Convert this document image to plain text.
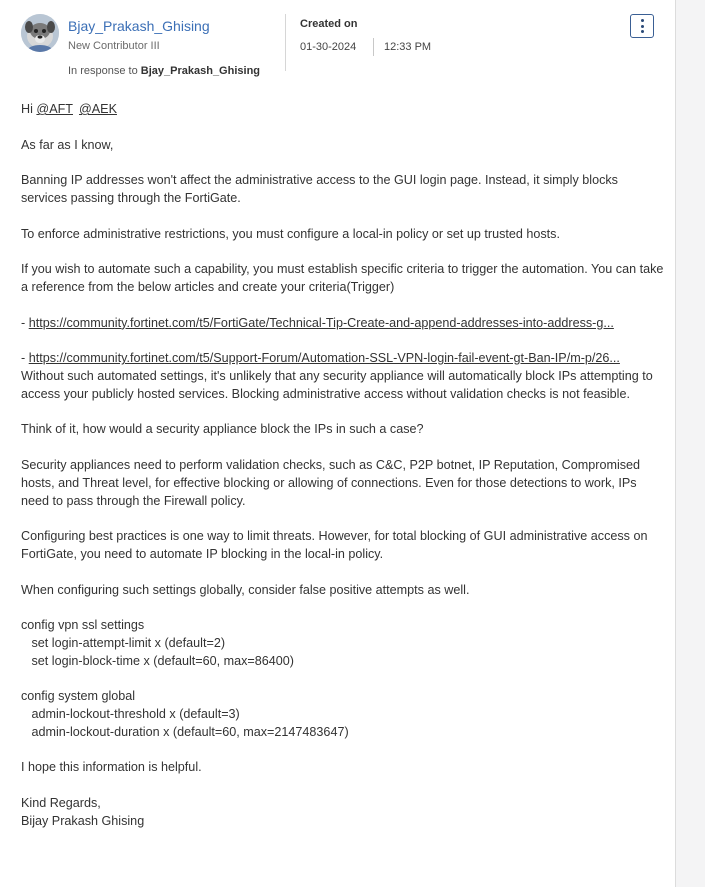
Bjay_Prakash_Ghising
New Contributor III
In response to Bjay_Prakash_Ghising
Created on
01-30-2024	12:33 PM

Hi @AFT @AEK

As far as I know,

Banning IP addresses won't affect the administrative access to the GUI login page. Instead, it simply blocks services passing through the FortiGate.

To enforce administrative restrictions, you must configure a local-in policy or set up trusted hosts.

If you wish to automate such a capability, you must establish specific criteria to trigger the automation. You can take a reference from the below articles and create your criteria(Trigger)

- https://community.fortinet.com/t5/FortiGate/Technical-Tip-Create-and-append-addresses-into-address-g...

- https://community.fortinet.com/t5/Support-Forum/Automation-SSL-VPN-login-fail-event-gt-Ban-IP/m-p/26...

Without such automated settings, it's unlikely that any security appliance will automatically block IPs attempting to access your publicly hosted services. Blocking administrative access without validation checks is not feasible.

Think of it, how would a security appliance block the IPs in such a case?

Security appliances need to perform validation checks, such as C&C, P2P botnet, IP Reputation, Compromised hosts, and Threat level, for effective blocking or allowing of connections. Even for those detections to work, IPs need to pass through the Firewall policy.

Configuring best practices is one way to limit threats. However, for total blocking of GUI administrative access on FortiGate, you need to automate IP blocking in the local-in policy.

When configuring such settings globally, consider false positive attempts as well.

config vpn ssl settings
set login-attempt-limit x (default=2)
set login-block-time x (default=60, max=86400)

config system global
admin-lockout-threshold x (default=3)
admin-lockout-duration x (default=60, max=2147483647)

I hope this information is helpful.

Kind Regards,

Bijay Prakash Ghising
